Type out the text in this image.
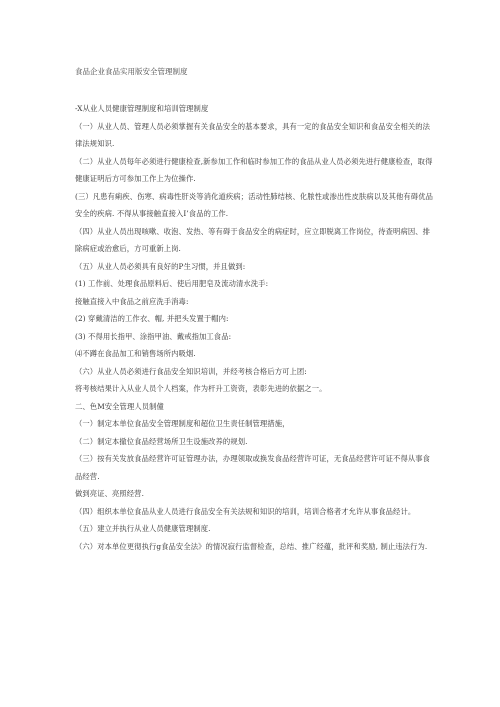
食品企业食品实用版安全管理制度

-X从业人员健康管理制度和培训管理制度

（一）从业人员、管理人员必须掌握有关食品安全的基本要求，具有一定的食品安全知识和食品安全相关的法律法规知识.

（二）从业人员每年必须进行健康检查,新参加工作和临时参加工作的食品从业人员必须先进行健康检查，取得健康证明后方可参加工作上为位操作.

(三）凡患有痢疾、伤寒、病毒性肝炎等消化道疾病；活动性肺结核、化脓性或渗出性皮肤病以及其他有碍优品安全的疾病. 不得从事接触直接入Ⅰ’食品的工作.

（四）从业人员出现咳嗽、收泡、发热、等有碍于食品安全的病症时，应立即脱离工作岗位，待查明病因、排除病症或治愈后，方可重新上岗.

（五）从业人员必须具有良好的P生习惯，并且做到:

(1) 工作前、处理食品原料后、使后用肥皂及流动清水洗手:

接触直接入中食品之前应洗手消毒:

(2) 穿戴清洁的工作衣、帽, 并把头发置于帽内:

(3) 不得用长指甲、涂指甲油、戴戒指加工食品:

⑷不蹲在食品加工和销售场所内吸烟.

（六）从业人员必须进行食品安全知识培训，并经考核合格后方可上团:

将考核结果计入从业人员个人档案，作为杆升工资资，表彰先进的依据之一。

二、色M安全管理人员制僮

（一）制定本单位食品安全管理制度和超位卫生责任制管理措施，

（二）制定本撤位食品经营场所卫生设施改养的规划.

（三）按有关发放食品经营许可证管理办法，办理领取或换发食品经营许可证，无食品经营许可证不得从事食品经营.

做到亮证、亮照经营.

（四）组织本单位食品从业人员进行食品安全有关法规和知识的培训，培训合格者才允许从事食品经计。

（五）建立并执行从业人员健康管理制度.

（六）对本单位更彻执行g食品安全法》的情况寂行监督检查，总结、推广经蕴，批评和奖励, 制止违法行为.
